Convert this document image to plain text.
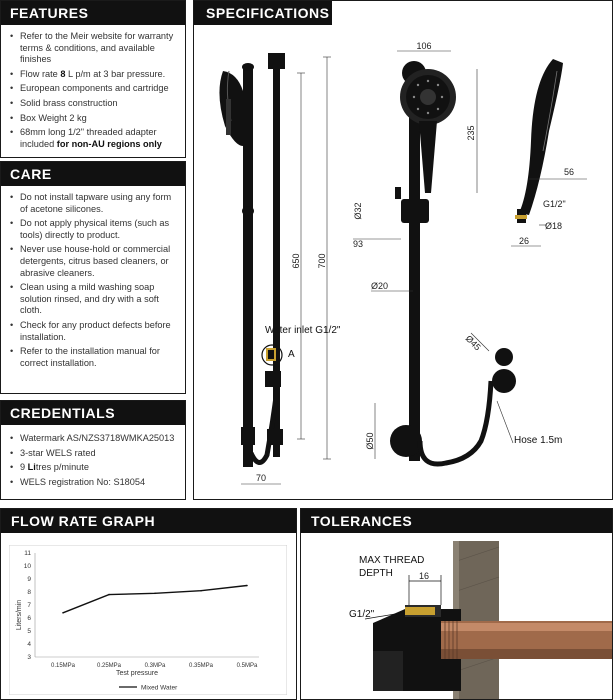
FEATURES
• Refer to the Meir website for warranty terms & conditions, and available finishes
• Flow rate 8 L p/m at 3 bar pressure.
• European components and cartridge
• Solid brass construction
• Box Weight 2 kg
• 68mm long 1/2" threaded adapter included for non-AU regions only
CARE
• Do not install tapware using any form of acetone silicones.
• Do not apply physical items (such as tools) directly to product.
• Never use house-hold or commercial detergents, citrus based cleaners, or abrasive cleaners.
• Clean using a mild washing soap solution rinsed, and dry with a soft cloth.
• Check for any product defects before installation.
• Refer to the installation manual for correct installation.
CREDENTIALS
• Watermark AS/NZS3718WMKA25013
• 3-star WELS rated
• 9 Litres p/minute
• WELS registration No: S18054
SPECIFICATIONS
650 700
70
Water inlet G1/2"
A
106
235
Ø32
93
Ø20
Ø45
Ø50	Hose 1.5m
56
G1/2"
Ø18
26
FLOW RATE GRAPH
3
4
5
6
7
8
9
10
11
0.15MPa	0.25MPa	0.3MPa	0.35MPa	0.5MPa
Liters/min
Test pressure
Mixed Water
TOLERANCES
MAX THREAD
DEPTH	16
G1/2"
